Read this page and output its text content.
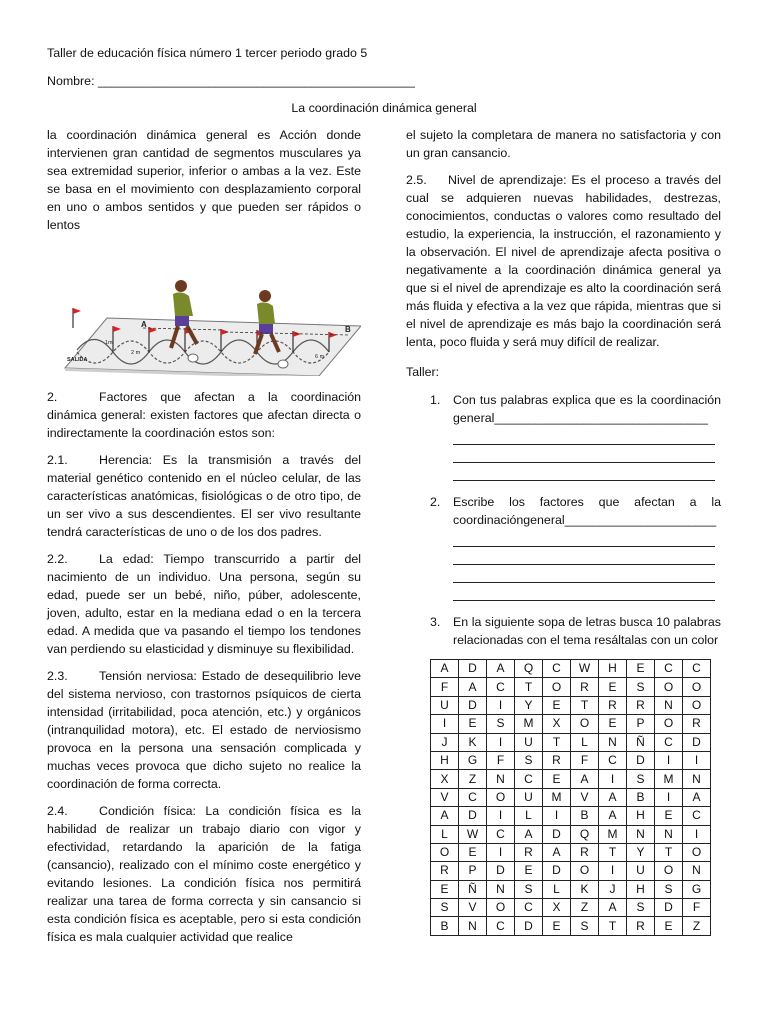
Taller de educación física número 1 tercer periodo grado 5
Nombre: ______________________________________________
La coordinación dinámica general

la coordinación dinámica general es Acción donde intervienen gran cantidad de segmentos musculares ya sea extremidad superior, inferior o ambas a la vez. Este se basa en el movimiento con desplazamiento corporal en uno o ambos sentidos y que pueden ser rápidos o lentos

A
B
SALIDA
1m
2 m
6 m

2.	Factores que afectan a la coordinación dinámica general: existen factores que afectan directa o indirectamente la coordinación estos son:

2.1.	Herencia: Es la transmisión a través del material genético contenido en el núcleo celular, de las características anatómicas, fisiológicas o de otro tipo, de un ser vivo a sus descendientes. El ser vivo resultante tendrá características de uno o de los dos padres.

2.2.	La edad: Tiempo transcurrido a partir del nacimiento de un individuo. Una persona, según su edad, puede ser un bebé, niño, púber, adolescente, joven, adulto, estar en la mediana edad o en la tercera edad. A medida que va pasando el tiempo los tendones van perdiendo su elasticidad y disminuye su flexibilidad.

2.3.	Tensión nerviosa: Estado de desequilibrio leve del sistema nervioso, con trastornos psíquicos de cierta intensidad (irritabilidad, poca atención, etc.) y orgánicos (intranquilidad motora), etc. El estado de nerviosismo provoca en la persona una sensación complicada y muchas veces provoca que dicho sujeto no realice la coordinación de forma correcta.

2.4.	Condición física: La condición física es la habilidad de realizar un trabajo diario con vigor y efectividad, retardando la aparición de la fatiga (cansancio), realizado con el mínimo coste energético y evitando lesiones. La condición física nos permitirá realizar una tarea de forma correcta y sin cansancio si esta condición física es aceptable, pero si esta condición física es mala cualquier actividad que realice

el sujeto la completara de manera no satisfactoria y con un gran cansancio.

2.5. Nivel de aprendizaje: Es el proceso a través del cual se adquieren nuevas habilidades, destrezas, conocimientos, conductas o valores como resultado del estudio, la experiencia, la instrucción, el razonamiento y la observación. El nivel de aprendizaje afecta positiva o negativamente a la coordinación dinámica general ya que si el nivel de aprendizaje es alto la coordinación será más fluida y efectiva a la vez que rápida, mientras que si el nivel de aprendizaje es más bajo la coordinación será lenta, poco fluida y será muy difícil de realizar.

Taller:

1. Con tus palabras explica que es la coordinación general_______________________________
2. Escribe los factores que afectan a la coordinacióngeneral______________________
3. En la siguiente sopa de letras busca 10 palabras relacionadas con el tema resáltalas con un color
A	D	A	Q	C	W	H	E	C	C
F	A	C	T	O	R	E	S	O	O
U	D	I	Y	E	T	R	R	N	O
I	E	S	M	X	O	E	P	O	R
J	K	I	U	T	L	N	Ñ	C	D
H	G	F	S	R	F	C	D	I	I
X	Z	N	C	E	A	I	S	M	N
V	C	O	U	M	V	A	B	I	A
A	D	I	L	I	B	A	H	E	C
L	W	C	A	D	Q	M	N	N	I
O	E	I	R	A	R	T	Y	T	O
R	P	D	E	D	O	I	U	O	N
E	Ñ	N	S	L	K	J	H	S	G
S	V	O	C	X	Z	A	S	D	F
B	N	C	D	E	S	T	R	E	Z
